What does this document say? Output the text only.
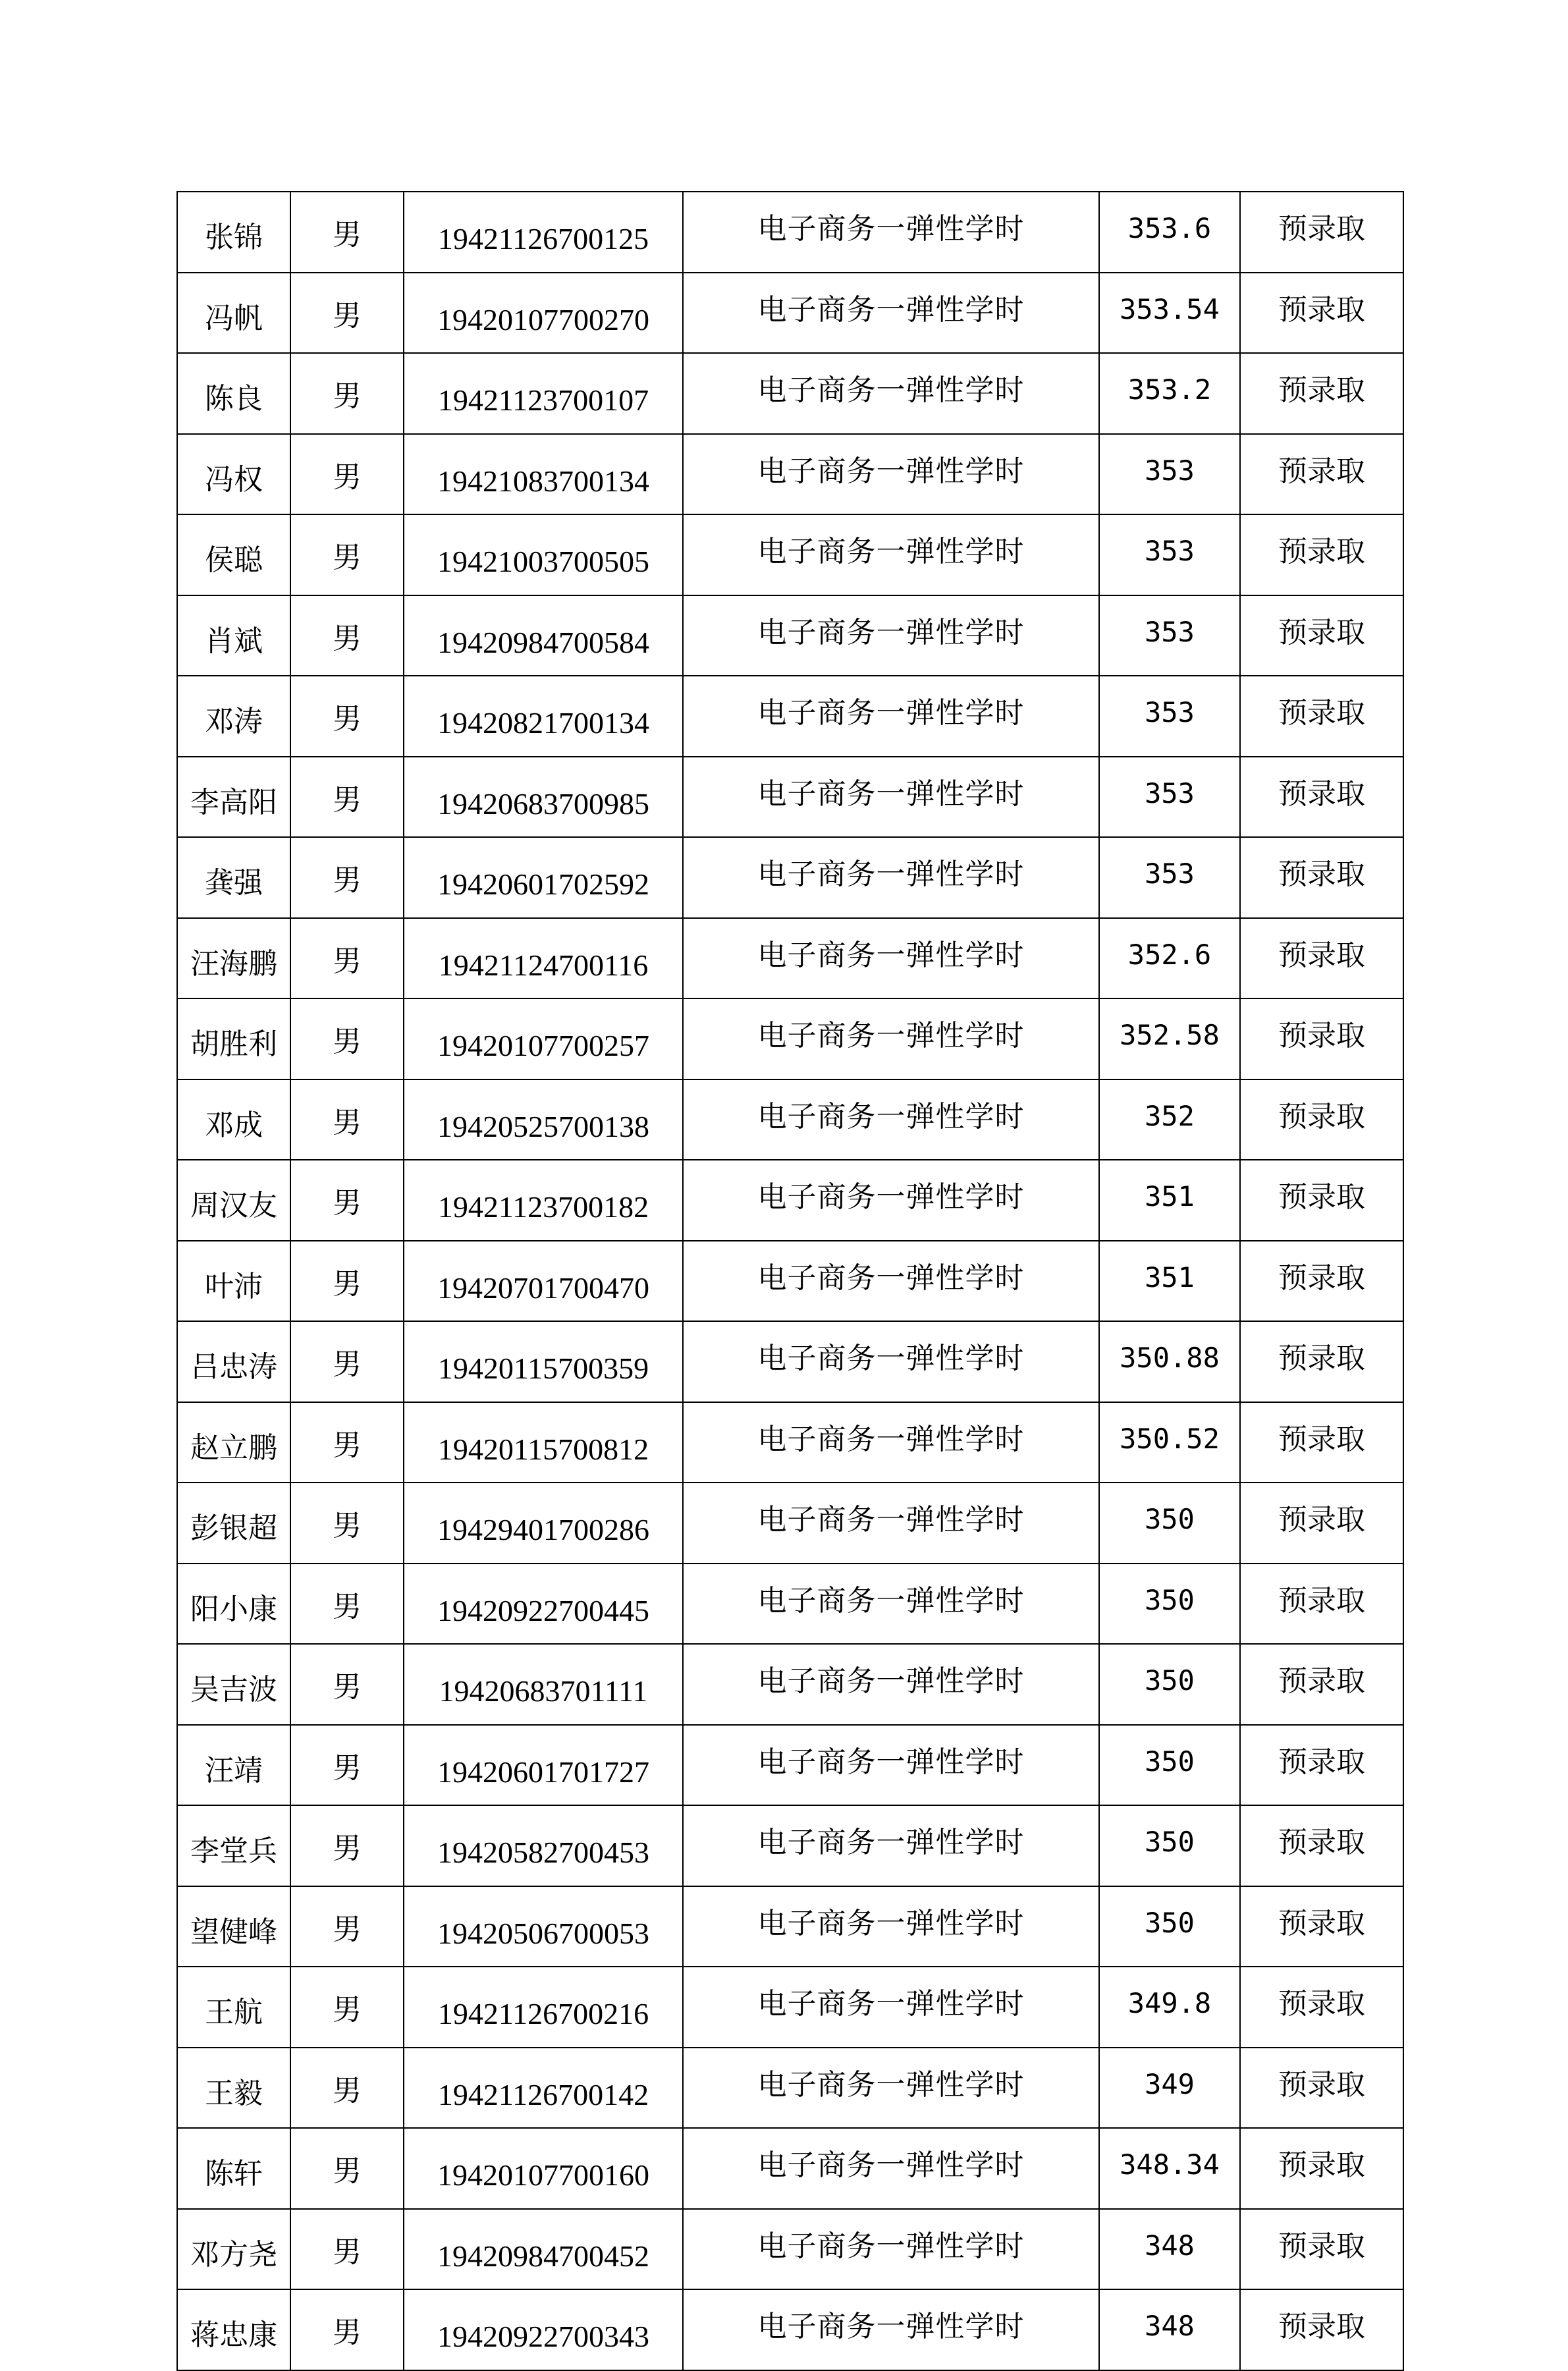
张锦	男	19421126700125	电子商务一弹性学时	353.6	预录取
冯帆	男	19420107700270	电子商务一弹性学时	353.54	预录取
陈良	男	19421123700107	电子商务一弹性学时	353.2	预录取
冯权	男	19421083700134	电子商务一弹性学时	353	预录取
侯聪	男	19421003700505	电子商务一弹性学时	353	预录取
肖斌	男	19420984700584	电子商务一弹性学时	353	预录取
邓涛	男	19420821700134	电子商务一弹性学时	353	预录取
李高阳	男	19420683700985	电子商务一弹性学时	353	预录取
龚强	男	19420601702592	电子商务一弹性学时	353	预录取
汪海鹏	男	19421124700116	电子商务一弹性学时	352.6	预录取
胡胜利	男	19420107700257	电子商务一弹性学时	352.58	预录取
邓成	男	19420525700138	电子商务一弹性学时	352	预录取
周汉友	男	19421123700182	电子商务一弹性学时	351	预录取
叶沛	男	19420701700470	电子商务一弹性学时	351	预录取
吕忠涛	男	19420115700359	电子商务一弹性学时	350.88	预录取
赵立鹏	男	19420115700812	电子商务一弹性学时	350.52	预录取
彭银超	男	19429401700286	电子商务一弹性学时	350	预录取
阳小康	男	19420922700445	电子商务一弹性学时	350	预录取
吴吉波	男	19420683701111	电子商务一弹性学时	350	预录取
汪靖	男	19420601701727	电子商务一弹性学时	350	预录取
李堂兵	男	19420582700453	电子商务一弹性学时	350	预录取
望健峰	男	19420506700053	电子商务一弹性学时	350	预录取
王航	男	19421126700216	电子商务一弹性学时	349.8	预录取
王毅	男	19421126700142	电子商务一弹性学时	349	预录取
陈轩	男	19420107700160	电子商务一弹性学时	348.34	预录取
邓方尧	男	19420984700452	电子商务一弹性学时	348	预录取
蒋忠康	男	19420922700343	电子商务一弹性学时	348	预录取
